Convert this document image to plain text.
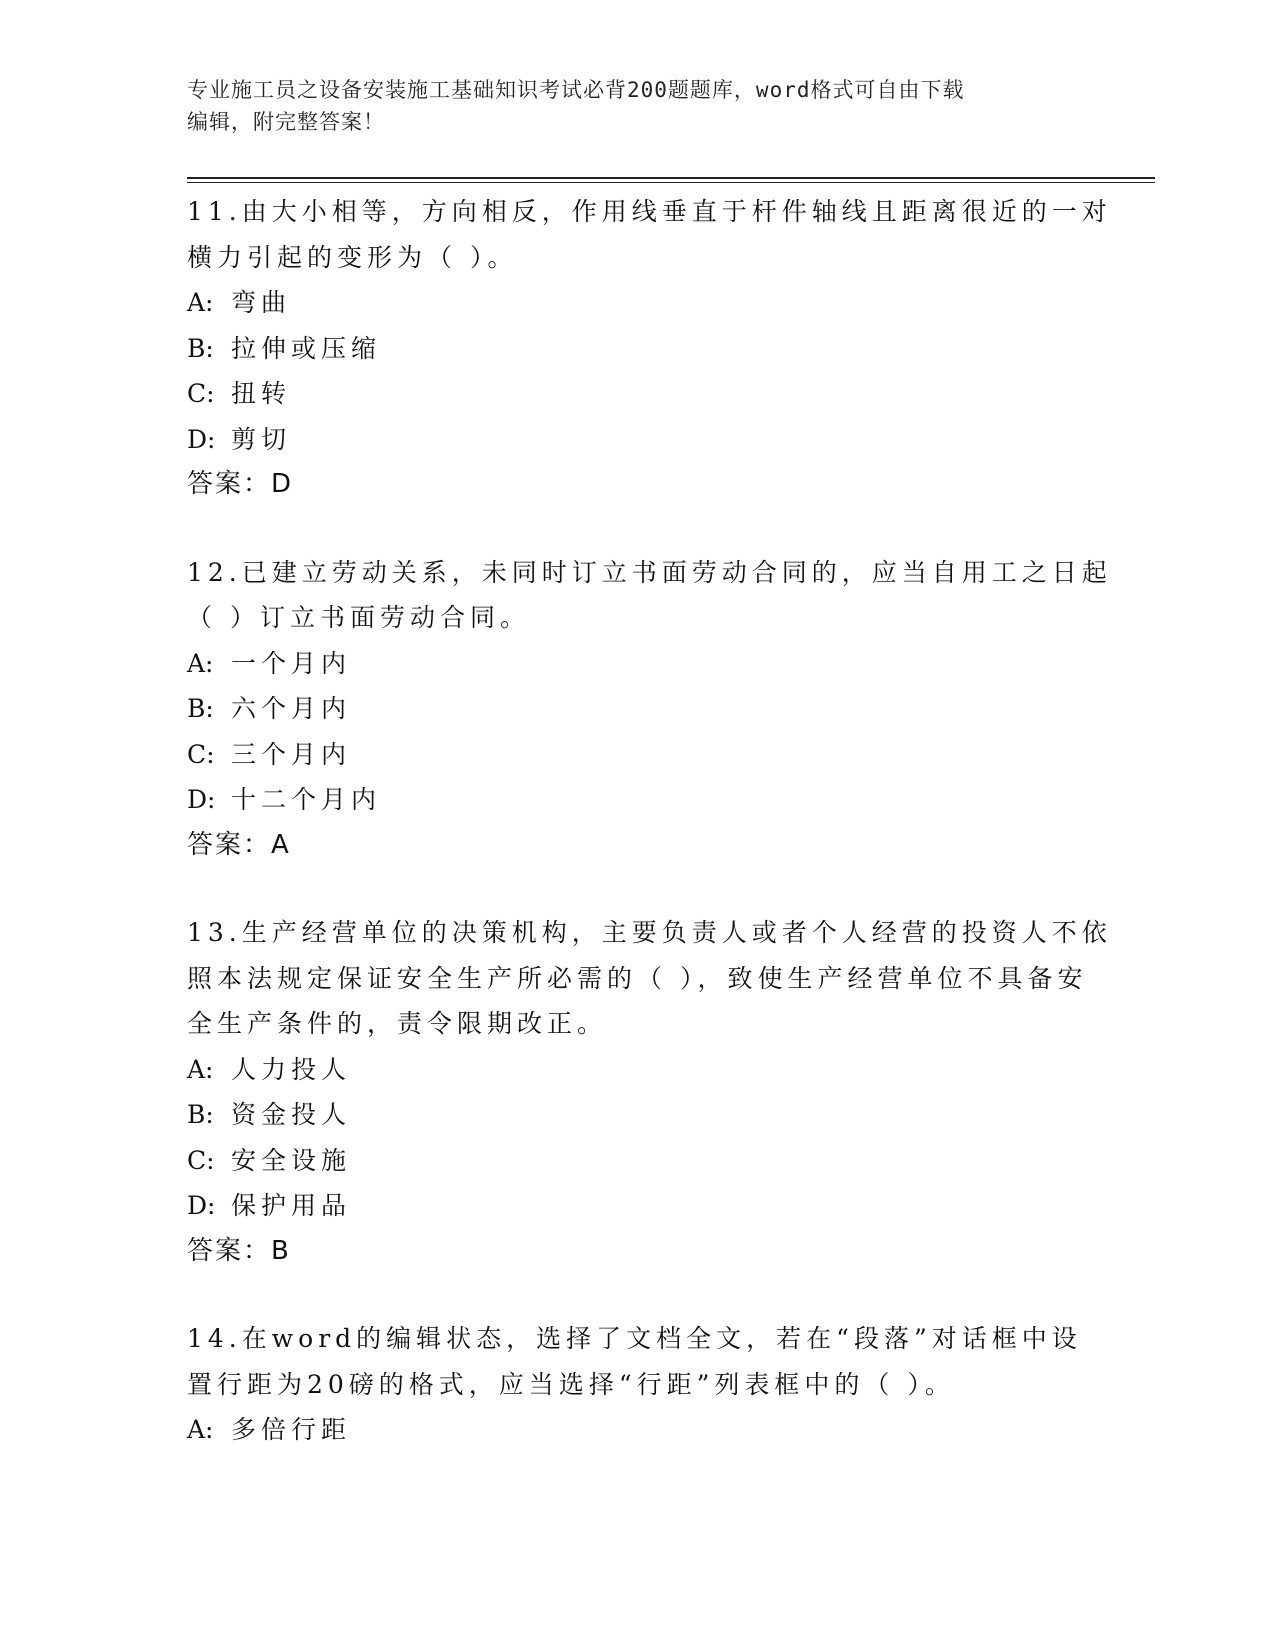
专业施工员之设备安装施工基础知识考试必背200题题库，word格式可自由下载

编辑，附完整答案！

11.由大小相等，方向相反，作用线垂直于杆件轴线且距离很近的一对
横力引起的变形为（ ）。
A: 弯曲
B: 拉伸或压缩
C: 扭转
D: 剪切
答案：D
12.已建立劳动关系，未同时订立书面劳动合同的，应当自用工之日起
（ ）订立书面劳动合同。
A: 一个月内
B: 六个月内
C: 三个月内
D: 十二个月内
答案：A
13.生产经营单位的决策机构，主要负责人或者个人经营的投资人不依
照本法规定保证安全生产所必需的（ ），致使生产经营单位不具备安
全生产条件的，责令限期改正。
A: 人力投人
B: 资金投人
C: 安全设施
D: 保护用品
答案：B
14.在word的编辑状态，选择了文档全文，若在“段落”对话框中设
置行距为20磅的格式，应当选择“行距”列表框中的（ ）。
A: 多倍行距
